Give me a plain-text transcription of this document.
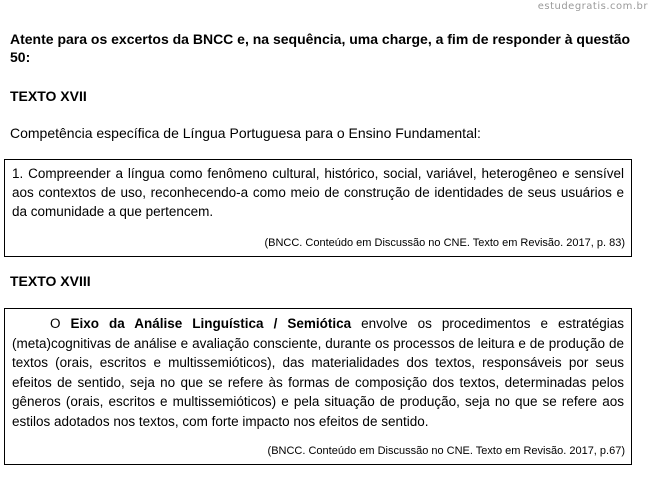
estudegratis.com.br
Atente para os excertos da BNCC e, na sequência, uma charge, a fim de responder à questão 50:
TEXTO XVII
Competência específica de Língua Portuguesa para o Ensino Fundamental:
1. Compreender a língua como fenômeno cultural, histórico, social, variável, heterogêneo e sensível aos contextos de uso, reconhecendo-a como meio de construção de identidades de seus usuários e da comunidade a que pertencem.
(BNCC. Conteúdo em Discussão no CNE. Texto em Revisão. 2017, p. 83)
TEXTO XVIII
O Eixo da Análise Linguística / Semiótica envolve os procedimentos e estratégias (meta)cognitivas de análise e avaliação consciente, durante os processos de leitura e de produção de textos (orais, escritos e multissemióticos), das materialidades dos textos, responsáveis por seus efeitos de sentido, seja no que se refere às formas de composição dos textos, determinadas pelos gêneros (orais, escritos e multissemióticos) e pela situação de produção, seja no que se refere aos estilos adotados nos textos, com forte impacto nos efeitos de sentido.
(BNCC. Conteúdo em Discussão no CNE. Texto em Revisão. 2017, p.67)
